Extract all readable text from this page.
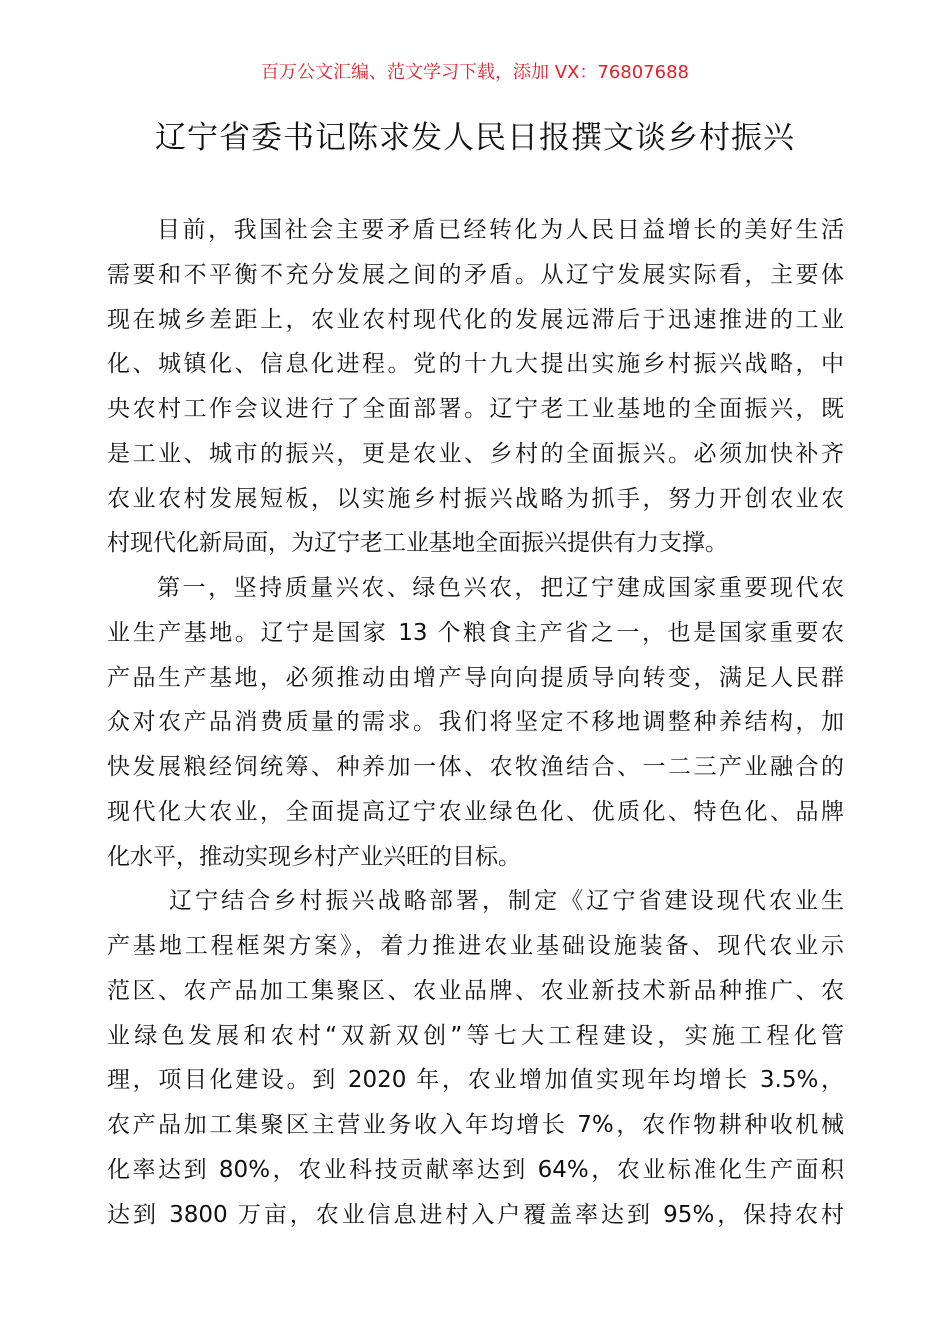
百万公文汇编、范文学习下载，添加 VX：76807688
辽宁省委书记陈求发人民日报撰文谈乡村振兴
目前，我国社会主要矛盾已经转化为人民日益增长的美好生活
需要和不平衡不充分发展之间的矛盾。从辽宁发展实际看，主要体
现在城乡差距上，农业农村现代化的发展远滞后于迅速推进的工业
化、城镇化、信息化进程。党的十九大提出实施乡村振兴战略，中
央农村工作会议进行了全面部署。辽宁老工业基地的全面振兴，既
是工业、城市的振兴，更是农业、乡村的全面振兴。必须加快补齐
农业农村发展短板，以实施乡村振兴战略为抓手，努力开创农业农
村现代化新局面，为辽宁老工业基地全面振兴提供有力支撑。
第一，坚持质量兴农、绿色兴农，把辽宁建成国家重要现代农
业生产基地。辽宁是国家 13 个粮食主产省之一，也是国家重要农
产品生产基地，必须推动由增产导向向提质导向转变，满足人民群
众对农产品消费质量的需求。我们将坚定不移地调整种养结构，加
快发展粮经饲统筹、种养加一体、农牧渔结合、一二三产业融合的
现代化大农业，全面提高辽宁农业绿色化、优质化、特色化、品牌
化水平，推动实现乡村产业兴旺的目标。
辽宁结合乡村振兴战略部署，制定《辽宁省建设现代农业生
产基地工程框架方案》，着力推进农业基础设施装备、现代农业示
范区、农产品加工集聚区、农业品牌、农业新技术新品种推广、农
业绿色发展和农村“双新双创”等七大工程建设，实施工程化管
理，项目化建设。到 2020 年，农业增加值实现年均增长 3.5%，
农产品加工集聚区主营业务收入年均增长 7%，农作物耕种收机械
化率达到 80%，农业科技贡献率达到 64%，农业标准化生产面积
达到 3800 万亩，农业信息进村入户覆盖率达到 95%，保持农村
